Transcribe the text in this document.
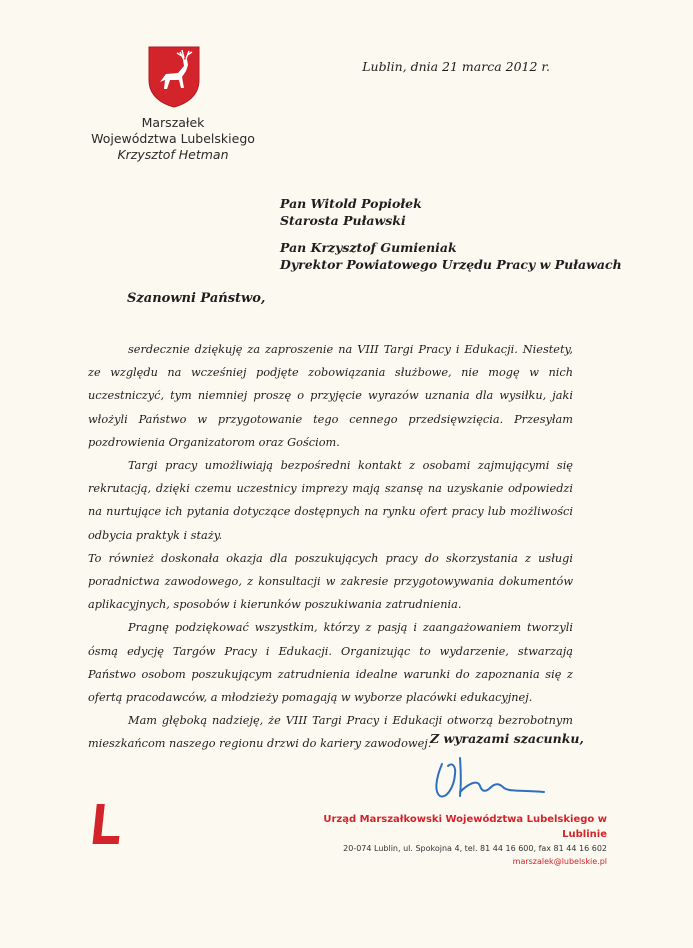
Marszałek
Województwa Lubelskiego
Krzysztof Hetman
Lublin, dnia 21 marca 2012 r.
Pan Witold Popiołek
Starosta Puławski
Pan Krzysztof Gumieniak
Dyrektor Powiatowego Urzędu Pracy w Puławach
Szanowni Państwo,

serdecznie dziękuję za zaproszenie na VIII Targi Pracy i Edukacji. Niestety, ze względu na wcześniej podjęte zobowiązania służbowe, nie mogę w nich uczestniczyć, tym niemniej proszę o przyjęcie wyrazów uznania dla wysiłku, jaki włożyli Państwo w przygotowanie tego cennego przedsięwzięcia. Przesyłam pozdrowienia Organizatorom oraz Gościom.

Targi pracy umożliwiają bezpośredni kontakt z osobami zajmującymi się rekrutacją, dzięki czemu uczestnicy imprezy mają szansę na uzyskanie odpowiedzi na nurtujące ich pytania dotyczące dostępnych na rynku ofert pracy lub możliwości odbycia praktyk i staży.

To również doskonała okazja dla poszukujących pracy do skorzystania z usługi poradnictwa zawodowego, z konsultacji w zakresie przygotowywania dokumentów aplikacyjnych, sposobów i kierunków poszukiwania zatrudnienia.

Pragnę podziękować wszystkim, którzy z pasją i zaangażowaniem tworzyli ósmą edycję Targów Pracy i Edukacji. Organizując to wydarzenie, stwarzają Państwo osobom poszukującym zatrudnienia idealne warunki do zapoznania się z ofertą pracodawców, a młodzieży pomagają w wyborze placówki edukacyjnej.

Mam głęboką nadzieję, że VIII Targi Pracy i Edukacji otworzą bezrobotnym mieszkańcom naszego regionu drzwi do kariery zawodowej.

Z wyrazami szacunku,
Urząd Marszałkowski Województwa Lubelskiego w Lublinie
20-074 Lublin, ul. Spokojna 4, tel. 81 44 16 600, fax 81 44 16 602
marszalek@lubelskie.pl
